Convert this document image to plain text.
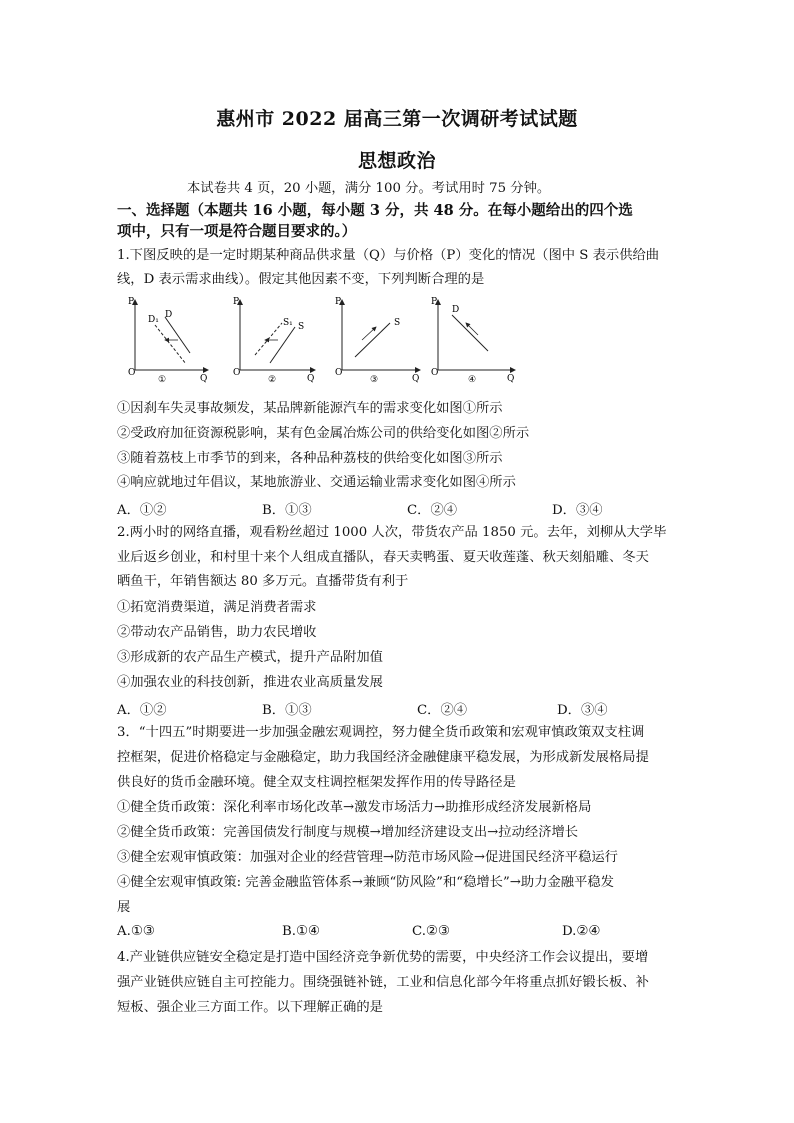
惠州市 2022 届高三第一次调研考试试题
思想政治
本试卷共 4 页，20 小题，满分 100 分。考试用时 75 分钟。
一、选择题（本题共 16 小题，每小题 3 分，共 48 分。在每小题给出的四个选
项中，只有一项是符合题目要求的。）
1.下图反映的是一定时期某种商品供求量（Q）与价格（P）变化的情况（图中 S 表示供给曲
线，D 表示需求曲线）。假定其他因素不变，下列判断合理的是
P
Q
O
D₁ D
①
P
Q
O
S₁ S
②
P
Q
O
S
③
P
Q
O
D
④
①因刹车失灵事故频发，某品牌新能源汽车的需求变化如图①所示
②受政府加征资源税影响，某有色金属冶炼公司的供给变化如图②所示
③随着荔枝上市季节的到来，各种品种荔枝的供给变化如图③所示
④响应就地过年倡议，某地旅游业、交通运输业需求变化如图④所示
A．①②	B．①③	C．②④	D．③④
2.两小时的网络直播，观看粉丝超过 1000 人次，带货农产品 1850 元。去年，刘柳从大学毕
业后返乡创业，和村里十来个人组成直播队，春天卖鸭蛋、夏天收莲蓬、秋天刻船雕、冬天
晒鱼干，年销售额达 80 多万元。直播带货有利于
①拓宽消费渠道，满足消费者需求
②带动农产品销售，助力农民增收
③形成新的农产品生产模式，提升产品附加值
④加强农业的科技创新，推进农业高质量发展
A．①②	B．①③	C．②④	D．③④
3．“十四五”时期要进一步加强金融宏观调控，努力健全货币政策和宏观审慎政策双支柱调
控框架，促进价格稳定与金融稳定，助力我国经济金融健康平稳发展，为形成新发展格局提
供良好的货币金融环境。健全双支柱调控框架发挥作用的传导路径是
①健全货币政策：深化利率市场化改革→激发市场活力→助推形成经济发展新格局
②健全货币政策：完善国债发行制度与规模→增加经济建设支出→拉动经济增长
③健全宏观审慎政策：加强对企业的经营管理→防范市场风险→促进国民经济平稳运行
④健全宏观审慎政策: 完善金融监管体系→兼顾“防风险”和“稳增长”→助力金融平稳发
展
A.①③	B.①④	C.②③	D.②④
4.产业链供应链安全稳定是打造中国经济竞争新优势的需要，中央经济工作会议提出，要增
强产业链供应链自主可控能力。围绕强链补链，工业和信息化部今年将重点抓好锻长板、补
短板、强企业三方面工作。以下理解正确的是
